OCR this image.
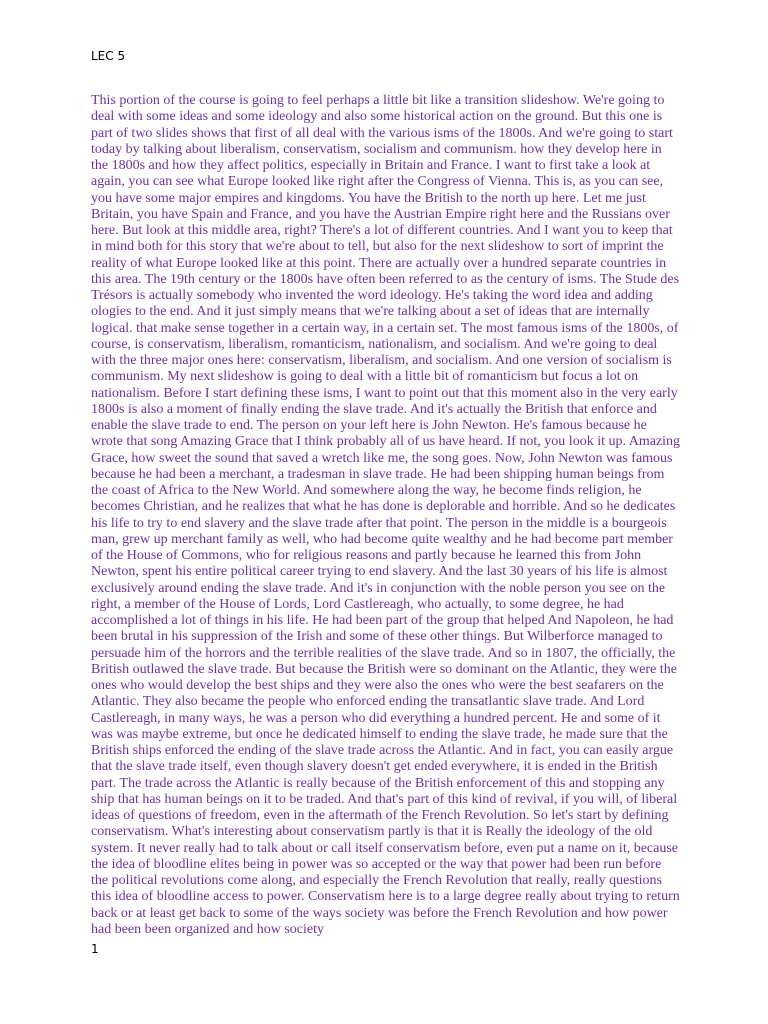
LEC 5

This portion of the course is going to feel perhaps a little bit like a transition slideshow. We're going to deal with some ideas and some ideology and also some historical action on the ground. But this one is part of two slides shows that first of all deal with the various isms of the 1800s. And we're going to start today by talking about liberalism, conservatism, socialism and communism. how they develop here in the 1800s and how they affect politics, especially in Britain and France. I want to first take a look at again, you can see what Europe looked like right after the Congress of Vienna. This is, as you can see, you have some major empires and kingdoms. You have the British to the north up here. Let me just Britain, you have Spain and France, and you have the Austrian Empire right here and the Russians over here. But look at this middle area, right? There's a lot of different countries. And I want you to keep that in mind both for this story that we're about to tell, but also for the next slideshow to sort of imprint the reality of what Europe looked like at this point. There are actually over a hundred separate countries in this area. The 19th century or the 1800s have often been referred to as the century of isms. The Stude des Trésors is actually somebody who invented the word ideology. He's taking the word idea and adding ologies to the end. And it just simply means that we're talking about a set of ideas that are internally logical. that make sense together in a certain way, in a certain set. The most famous isms of the 1800s, of course, is conservatism, liberalism, romanticism, nationalism, and socialism. And we're going to deal with the three major ones here: conservatism, liberalism, and socialism. And one version of socialism is communism. My next slideshow is going to deal with a little bit of romanticism but focus a lot on nationalism. Before I start defining these isms, I want to point out that this moment also in the very early 1800s is also a moment of finally ending the slave trade. And it's actually the British that enforce and enable the slave trade to end. The person on your left here is John Newton. He's famous because he wrote that song Amazing Grace that I think probably all of us have heard. If not, you look it up. Amazing Grace, how sweet the sound that saved a wretch like me, the song goes. Now, John Newton was famous because he had been a merchant, a tradesman in slave trade. He had been shipping human beings from the coast of Africa to the New World. And somewhere along the way, he become finds religion, he becomes Christian, and he realizes that what he has done is deplorable and horrible. And so he dedicates his life to try to end slavery and the slave trade after that point. The person in the middle is a bourgeois man, grew up merchant family as well, who had become quite wealthy and he had become part member of the House of Commons, who for religious reasons and partly because he learned this from John Newton, spent his entire political career trying to end slavery. And the last 30 years of his life is almost exclusively around ending the slave trade. And it's in conjunction with the noble person you see on the right, a member of the House of Lords, Lord Castlereagh, who actually, to some degree, he had accomplished a lot of things in his life. He had been part of the group that helped And Napoleon, he had been brutal in his suppression of the Irish and some of these other things. But Wilberforce managed to persuade him of the horrors and the terrible realities of the slave trade. And so in 1807, the officially, the British outlawed the slave trade. But because the British were so dominant on the Atlantic, they were the ones who would develop the best ships and they were also the ones who were the best seafarers on the Atlantic. They also became the people who enforced ending the transatlantic slave trade. And Lord Castlereagh, in many ways, he was a person who did everything a hundred percent. He and some of it was was maybe extreme, but once he dedicated himself to ending the slave trade, he made sure that the British ships enforced the ending of the slave trade across the Atlantic. And in fact, you can easily argue that the slave trade itself, even though slavery doesn't get ended everywhere, it is ended in the British part. The trade across the Atlantic is really because of the British enforcement of this and stopping any ship that has human beings on it to be traded. And that's part of this kind of revival, if you will, of liberal ideas of questions of freedom, even in the aftermath of the French Revolution. So let's start by defining conservatism. What's interesting about conservatism partly is that it is Really the ideology of the old system. It never really had to talk about or call itself conservatism before, even put a name on it, because the idea of bloodline elites being in power was so accepted or the way that power had been run before the political revolutions come along, and especially the French Revolution that really, really questions this idea of bloodline access to power. Conservatism here is to a large degree really about trying to return back or at least get back to some of the ways society was before the French Revolution and how power had been been organized and how society

1
